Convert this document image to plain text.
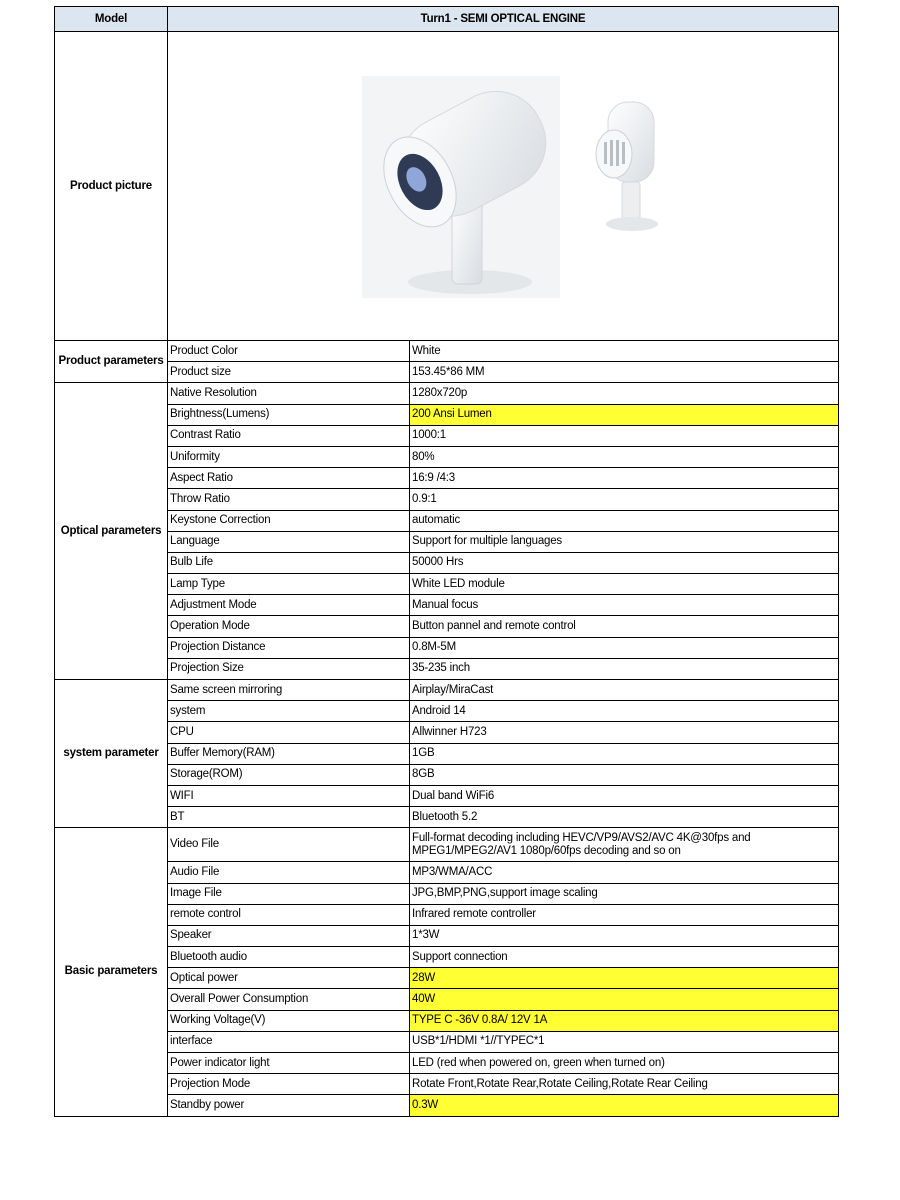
Model	Turn1 - SEMI OPTICAL ENGINE	
Product picture	

Product parameters	Product Color	White
	Product size	153.45*86 MM
Optical parameters	Native Resolution	1280x720p
	Brightness(Lumens)	200 Ansi Lumen
	Contrast Ratio	1000:1
	Uniformity	80%
	Aspect Ratio	16:9 /4:3
	Throw Ratio	0.9:1
	Keystone Correction	automatic
	Language	Support for multiple languages
	Bulb Life	50000 Hrs
	Lamp Type	White LED module
	Adjustment Mode	Manual focus
	Operation Mode	Button pannel and remote control
	Projection Distance	0.8M-5M
	Projection Size	35-235 inch
system parameter	Same screen mirroring	Airplay/MiraCast
	system	Android 14
	CPU	Allwinner H723
	Buffer Memory(RAM)	1GB
	Storage(ROM)	8GB
	WIFI	Dual band WiFi6
	BT	Bluetooth 5.2
Basic parameters	Video File	Full-format decoding including HEVC/VP9/AVS2/AVC 4K@30fps and MPEG1/MPEG2/AV1 1080p/60fps decoding and so on
	Audio File	MP3/WMA/ACC
	Image File	JPG,BMP,PNG,support image scaling
	remote control	Infrared remote controller
	Speaker	1*3W
	Bluetooth audio	Support connection
	Optical power	28W
	Overall Power Consumption	40W
	Working Voltage(V)	TYPE C -36V 0.8A/ 12V 1A
	interface	USB*1/HDMI *1//TYPEC*1
	Power indicator light	LED (red when powered on, green when turned on)
	Projection Mode	Rotate Front,Rotate Rear,Rotate Ceiling,Rotate Rear Ceiling
	Standby power	0.3W
